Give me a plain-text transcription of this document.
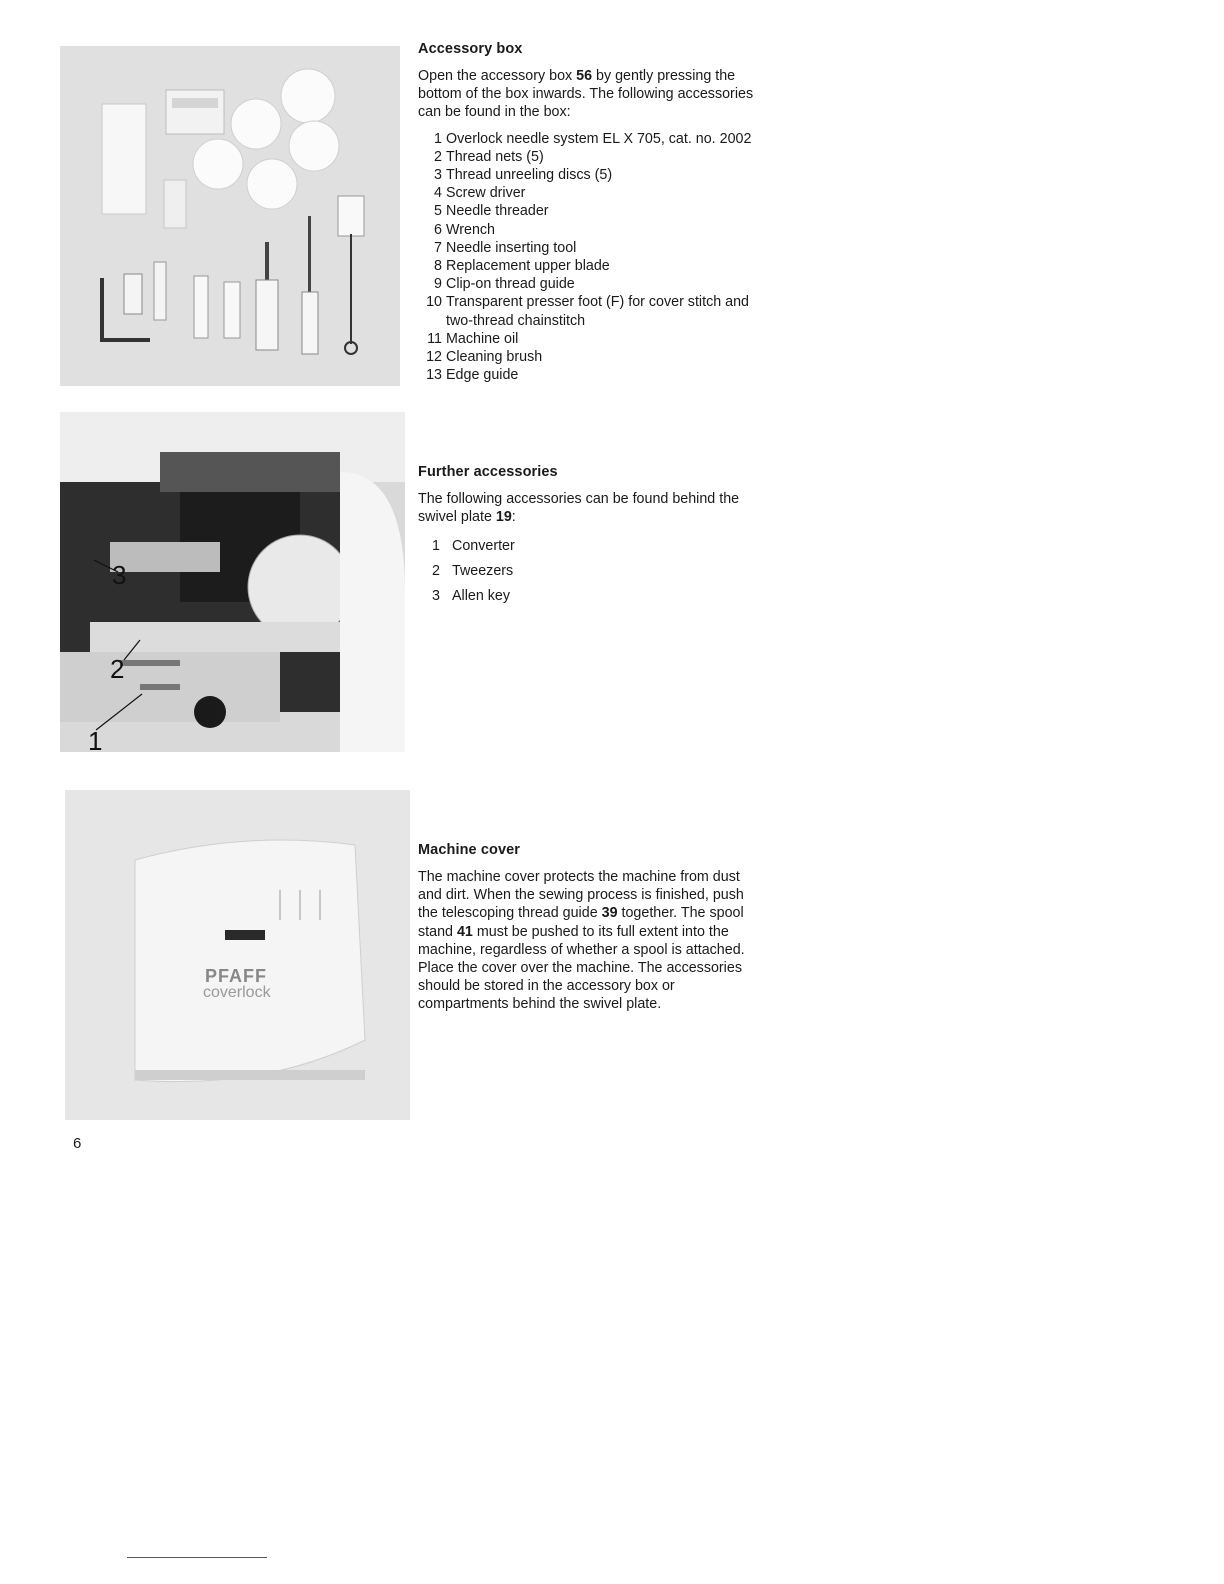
3
2
1
PFAFF
coverlock
Accessory box

Open the accessory box 56 by gently pressing the bottom of the box inwards. The following accessories can be found in the box:

1 Overlock needle system EL X 705, cat. no. 2002
2 Thread nets (5)
3 Thread unreeling discs (5)
4 Screw driver
5 Needle threader
6 Wrench
7 Needle inserting tool
8 Replacement upper blade
9 Clip-on thread guide
10 Transparent presser foot (F) for cover stitch and two-thread chainstitch
11 Machine oil
12 Cleaning brush
13 Edge guide
Further accessories

The following accessories can be found behind the swivel plate 19:

1 Converter
2 Tweezers
3 Allen key
Machine cover

The machine cover protects the machine from dust and dirt. When the sewing process is finished, push the telescoping thread guide 39 together. The spool stand 41 must be pushed to its full extent into the machine, regardless of whether a spool is attached. Place the cover over the machine. The accessories should be stored in the accessory box or compartments behind the swivel plate.

6
